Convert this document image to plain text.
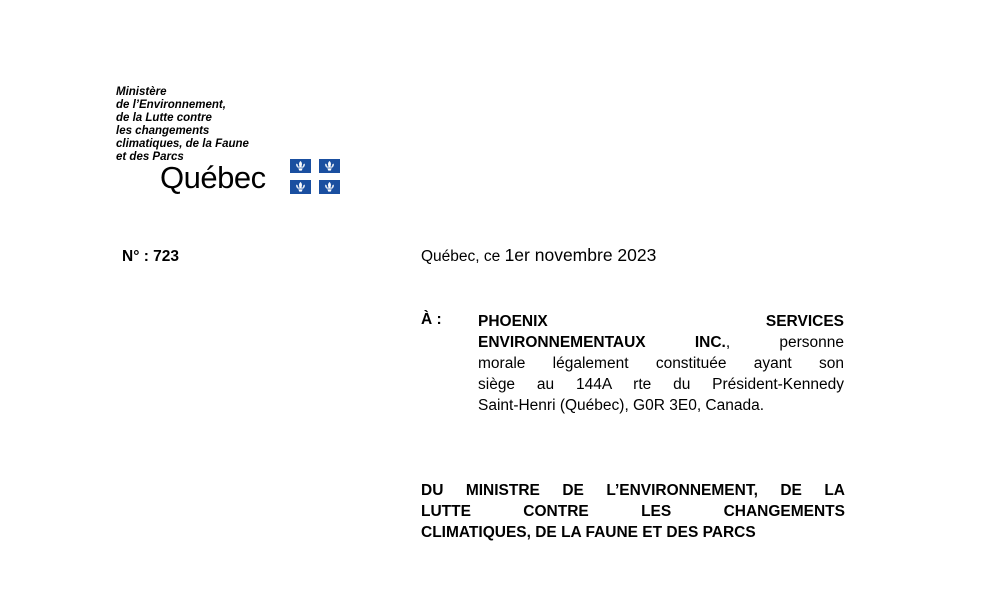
Ministère
de l’Environnement,
de la Lutte contre
les changements
climatiques, de la Faune
et des Parcs
Québec
N° : 723	Québec, ce 1er novembre 2023
À : PHOENIX SERVICES
ENVIRONNEMENTAUX INC., personne
morale légalement constituée ayant son
siège au 144A rte du Président-Kennedy
Saint-Henri (Québec), G0R 3E0, Canada.
DU MINISTRE DE L’ENVIRONNEMENT, DE LA
LUTTE CONTRE LES CHANGEMENTS
CLIMATIQUES, DE LA FAUNE ET DES PARCS
